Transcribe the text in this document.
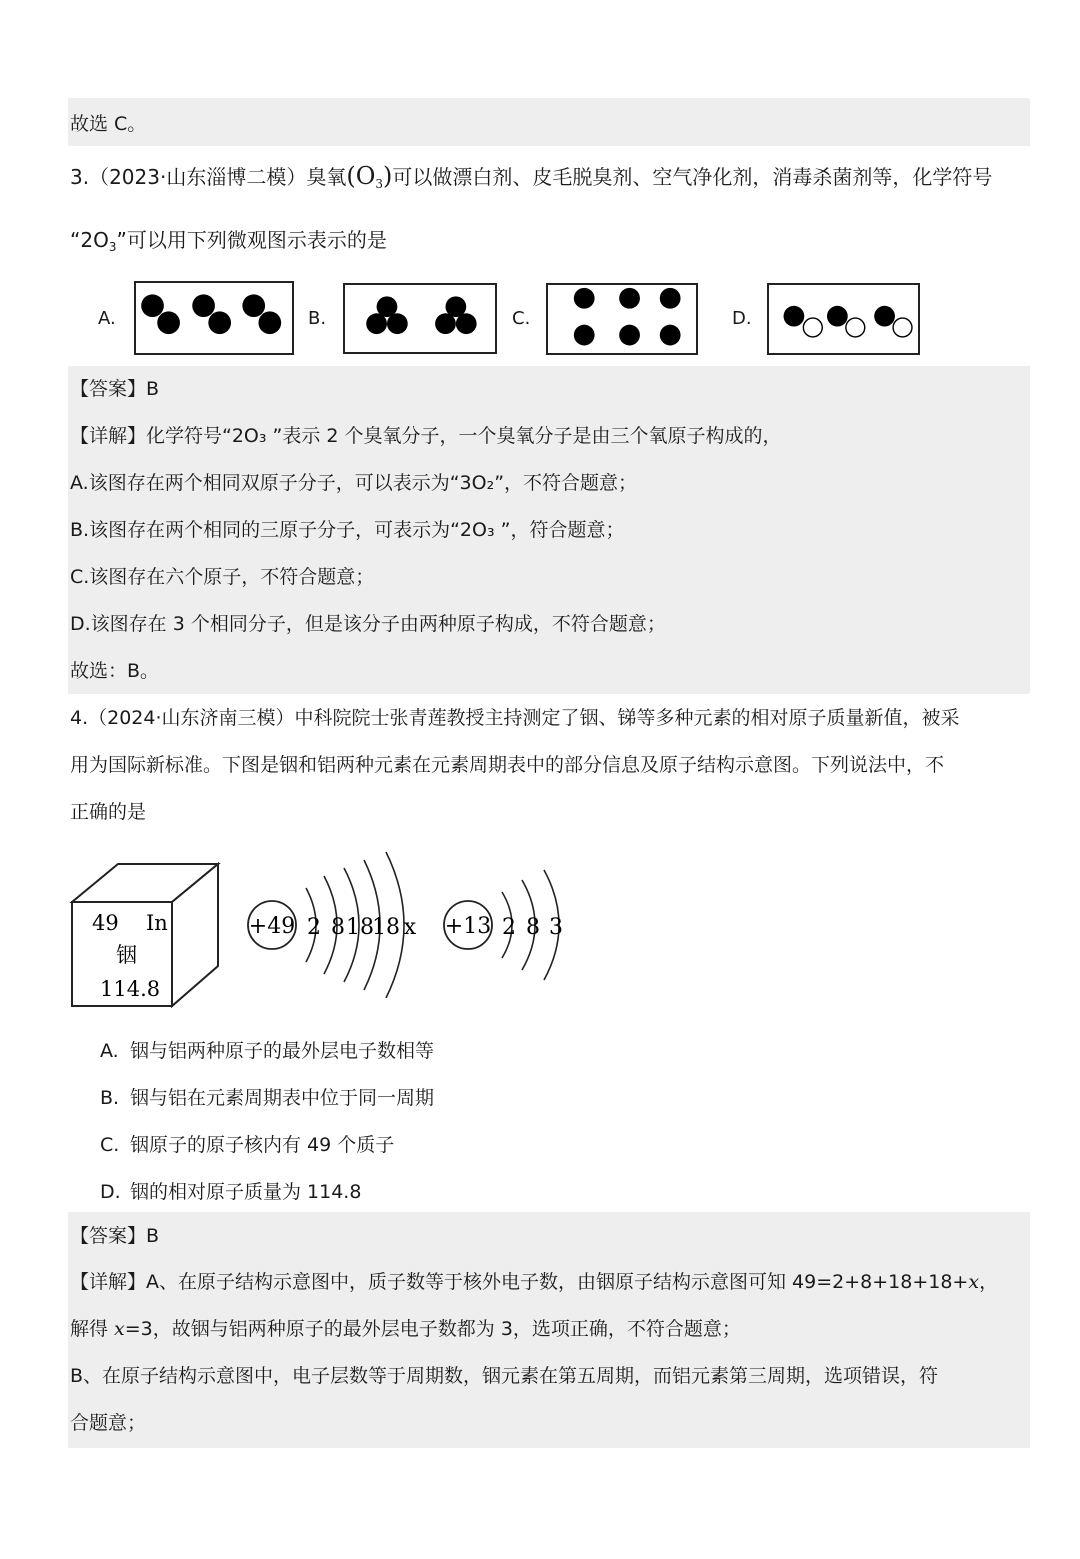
故选 C。
3.（2023·山东淄博二模）臭氧$(O_3)$可以做漂白剂、皮毛脱臭剂、空气净化剂，消毒杀菌剂等，化学符号
“$2O_3$”可以用下列微观图示表示的是
A.	B.	C.	D.
【答案】B
【详解】化学符号“2O₃ ”表示 2 个臭氧分子，一个臭氧分子是由三个氧原子构成的，
A.该图存在两个相同双原子分子，可以表示为“3O₂”，不符合题意；
B.该图存在两个相同的三原子分子，可表示为“2O₃ ”，符合题意；
C.该图存在六个原子，不符合题意；
D.该图存在 3 个相同分子，但是该分子由两种原子构成，不符合题意；
故选：B。
4.（2024·山东济南三模）中科院院士张青莲教授主持测定了铟、锑等多种元素的相对原子质量新值，被采
用为国际新标准。下图是铟和铝两种元素在元素周期表中的部分信息及原子结构示意图。下列说法中，不
正确的是
49 In
铟
114.8
+49 2 8 18
18 x +13 2 8 3
A. 铟与铝两种原子的最外层电子数相等
B. 铟与铝在元素周期表中位于同一周期
C. 铟原子的原子核内有 49 个质子
D. 铟的相对原子质量为 114.8
【答案】B
【详解】A、在原子结构示意图中，质子数等于核外电子数，由铟原子结构示意图可知 49=2+8+18+18+x，
解得 x=3，故铟与铝两种原子的最外层电子数都为 3，选项正确，不符合题意；
B、在原子结构示意图中，电子层数等于周期数，铟元素在第五周期，而铝元素第三周期，选项错误，符
合题意；
